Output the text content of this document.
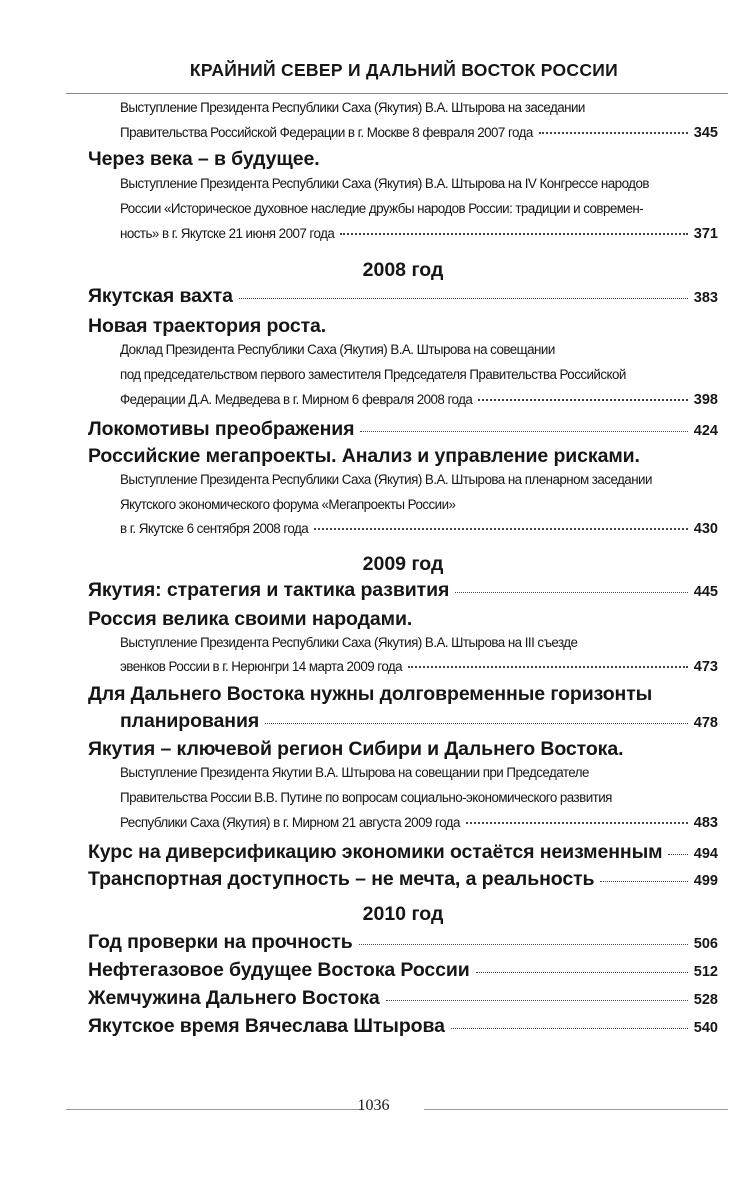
КРАЙНИЙ СЕВЕР И ДАЛЬНИЙ ВОСТОК РОССИИ
Выступление Президента Республики Саха (Якутия) В.А. Штырова на заседании
Правительства Российской Федерации в г. Москве 8 февраля 2007 года	345
Через века – в будущее.
Выступление Президента Республики Саха (Якутия) В.А. Штырова на IV Конгрессе народов
России «Историческое духовное наследие дружбы народов России: традиции и современ-
ность» в г. Якутске 21 июня 2007 года	371
2008 год
Якутская вахта	383
Новая траектория роста.
Доклад Президента Республики Саха (Якутия) В.А. Штырова на совещании
под председательством первого заместителя Председателя Правительства Российской
Федерации Д.А. Медведева в г. Мирном 6 февраля 2008 года	398
Локомотивы преображения	424
Российские мегапроекты. Анализ и управление рисками.
Выступление Президента Республики Саха (Якутия) В.А. Штырова на пленарном заседании
Якутского экономического форума «Мегапроекты России»
в г. Якутске 6 сентября 2008 года	430
2009 год
Якутия: стратегия и тактика развития	445
Россия велика своими народами.
Выступление Президента Республики Саха (Якутия) В.А. Штырова на III съезде
эвенков России в г. Нерюнгри 14 марта 2009 года	473
Для Дальнего Востока нужны долговременные горизонты
планирования	478
Якутия – ключевой регион Сибири и Дальнего Востока.
Выступление Президента Якутии В.А. Штырова на совещании при Председателе
Правительства России В.В. Путине по вопросам социально-экономического развития
Республики Саха (Якутия) в г. Мирном 21 августа 2009 года	483
Курс на диверсификацию экономики остаётся неизменным 494
Транспортная доступность – не мечта, а реальность	499
2010 год
Год проверки на прочность	506
Нефтегазовое будущее Востока России	512
Жемчужина Дальнего Востока	528
Якутское время Вячеслава Штырова	540
1036
